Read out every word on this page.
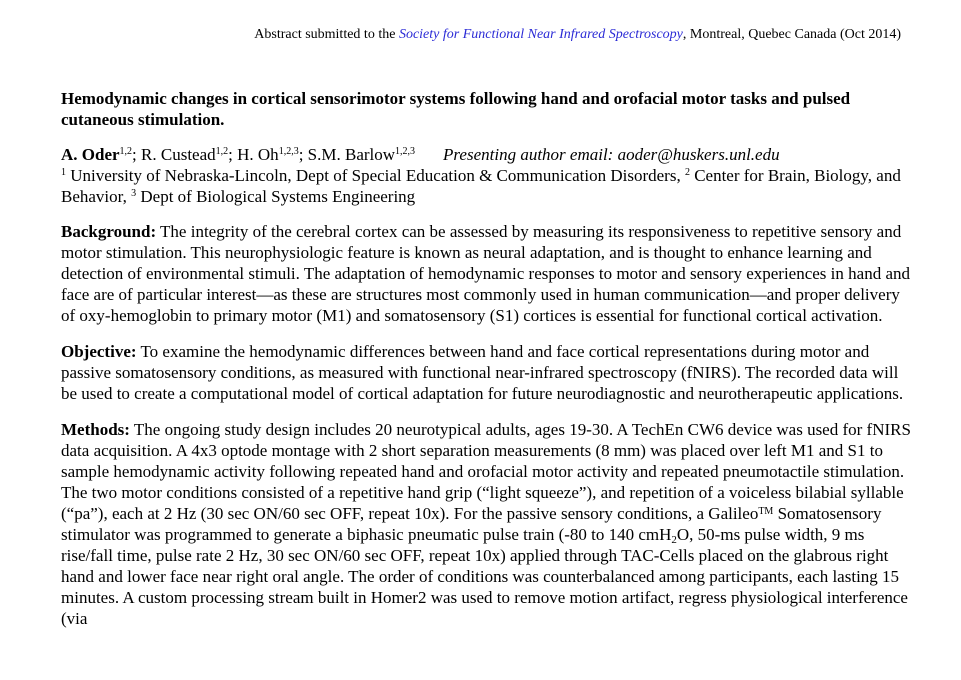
Abstract submitted to the Society for Functional Near Infrared Spectroscopy, Montreal, Quebec Canada (Oct 2014)

Hemodynamic changes in cortical sensorimotor systems following hand and orofacial motor tasks and pulsed cutaneous stimulation.

A. Oder$^{1,2}$; R. Custead$^{1,2}$; H. Oh$^{1,2,3}$; S.M. Barlow$^{1,2,3}$ Presenting author email: aoder@huskers.unl.edu

$^1$ University of Nebraska-Lincoln, Dept of Special Education & Communication Disorders, $^2$ Center for Brain, Biology, and Behavior, $^3$ Dept of Biological Systems Engineering

Background: The integrity of the cerebral cortex can be assessed by measuring its responsiveness to repetitive sensory and motor stimulation. This neurophysiologic feature is known as neural adaptation, and is thought to enhance learning and detection of environmental stimuli. The adaptation of hemodynamic responses to motor and sensory experiences in hand and face are of particular interest—as these are structures most commonly used in human communication—and proper delivery of oxy-hemoglobin to primary motor (M1) and somatosensory (S1) cortices is essential for functional cortical activation.

Objective: To examine the hemodynamic differences between hand and face cortical representations during motor and passive somatosensory conditions, as measured with functional near-infrared spectroscopy (fNIRS). The recorded data will be used to create a computational model of cortical adaptation for future neurodiagnostic and neurotherapeutic applications.

Methods: The ongoing study design includes 20 neurotypical adults, ages 19-30. A TechEn CW6 device was used for fNIRS data acquisition. A 4x3 optode montage with 2 short separation measurements (8 mm) was placed over left M1 and S1 to sample hemodynamic activity following repeated hand and orofacial motor activity and repeated pneumotactile stimulation. The two motor conditions consisted of a repetitive hand grip (“light squeeze”), and repetition of a voiceless bilabial syllable (“pa”), each at 2 Hz (30 sec ON/60 sec OFF, repeat 10x). For the passive sensory conditions, a Galileo™ Somatosensory stimulator was programmed to generate a biphasic pneumatic pulse train (-80 to 140 cmH$_2$O, 50-ms pulse width, 9 ms rise/fall time, pulse rate 2 Hz, 30 sec ON/60 sec OFF, repeat 10x) applied through TAC-Cells placed on the glabrous right hand and lower face near right oral angle. The order of conditions was counterbalanced among participants, each lasting 15 minutes. A custom processing stream built in Homer2 was used to remove motion artifact, regress physiological interference (via
